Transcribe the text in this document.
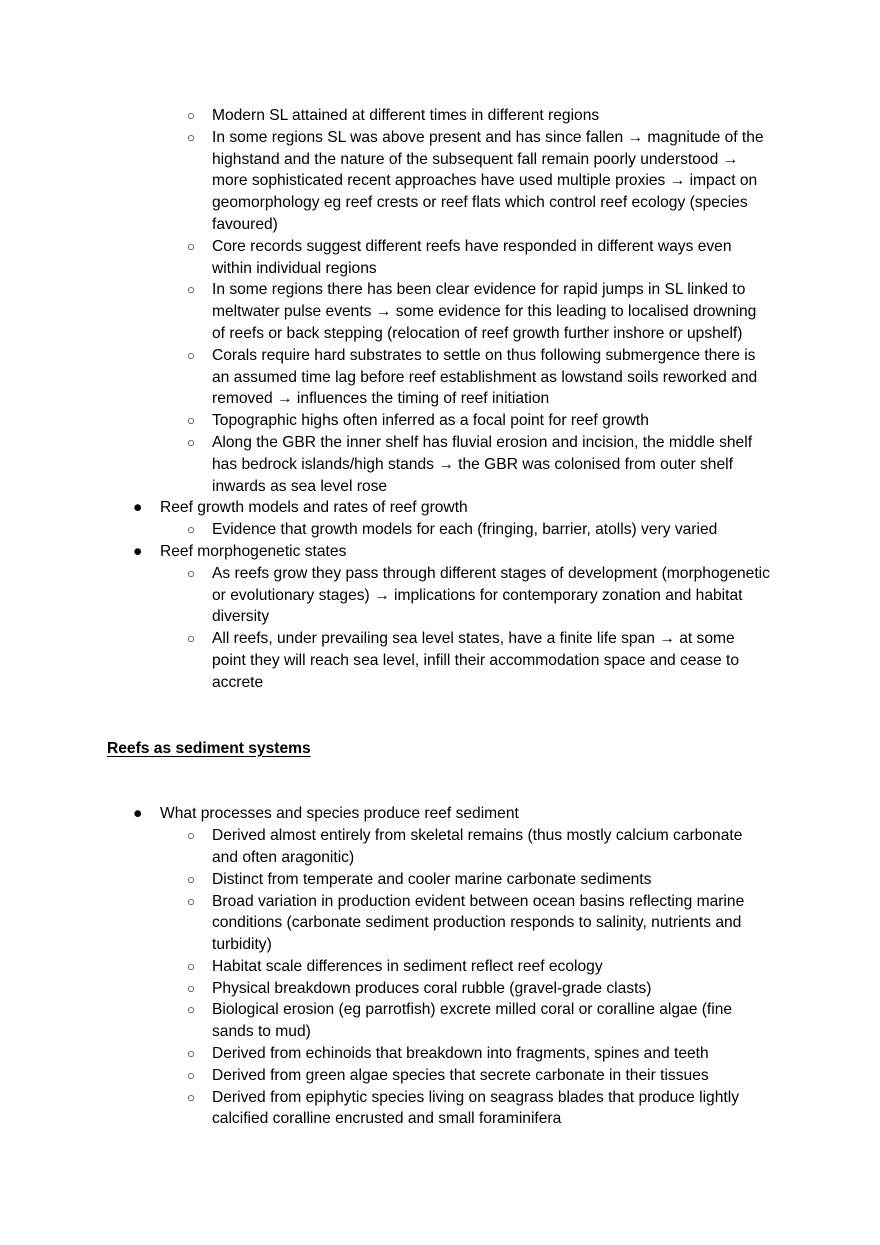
○	Modern SL attained at different times in different regions
○	In some regions SL was above present and has since fallen → magnitude of the highstand and the nature of the subsequent fall remain poorly understood → more sophisticated recent approaches have used multiple proxies → impact on geomorphology eg reef crests or reef flats which control reef ecology (species favoured)
○	Core records suggest different reefs have responded in different ways even within individual regions
○	In some regions there has been clear evidence for rapid jumps in SL linked to meltwater pulse events → some evidence for this leading to localised drowning of reefs or back stepping (relocation of reef growth further inshore or upshelf)
○	Corals require hard substrates to settle on thus following submergence there is an assumed time lag before reef establishment as lowstand soils reworked and removed → influences the timing of reef initiation
○	Topographic highs often inferred as a focal point for reef growth
○	Along the GBR the inner shelf has fluvial erosion and incision, the middle shelf has bedrock islands/high stands → the GBR was colonised from outer shelf inwards as sea level rose
● Reef growth models and rates of reef growth
○	Evidence that growth models for each (fringing, barrier, atolls) very varied
● Reef morphogenetic states
○	As reefs grow they pass through different stages of development (morphogenetic or evolutionary stages) → implications for contemporary zonation and habitat diversity
○	All reefs, under prevailing sea level states, have a finite life span → at some point they will reach sea level, infill their accommodation space and cease to accrete
Reefs as sediment systems
● What processes and species produce reef sediment
○	Derived almost entirely from skeletal remains (thus mostly calcium carbonate and often aragonitic)
○	Distinct from temperate and cooler marine carbonate sediments
○	Broad variation in production evident between ocean basins reflecting marine conditions (carbonate sediment production responds to salinity, nutrients and turbidity)
○	Habitat scale differences in sediment reflect reef ecology
○	Physical breakdown produces coral rubble (gravel-grade clasts)
○	Biological erosion (eg parrotfish) excrete milled coral or coralline algae (fine sands to mud)
○	Derived from echinoids that breakdown into fragments, spines and teeth
○	Derived from green algae species that secrete carbonate in their tissues
○	Derived from epiphytic species living on seagrass blades that produce lightly calcified coralline encrusted and small foraminifera
